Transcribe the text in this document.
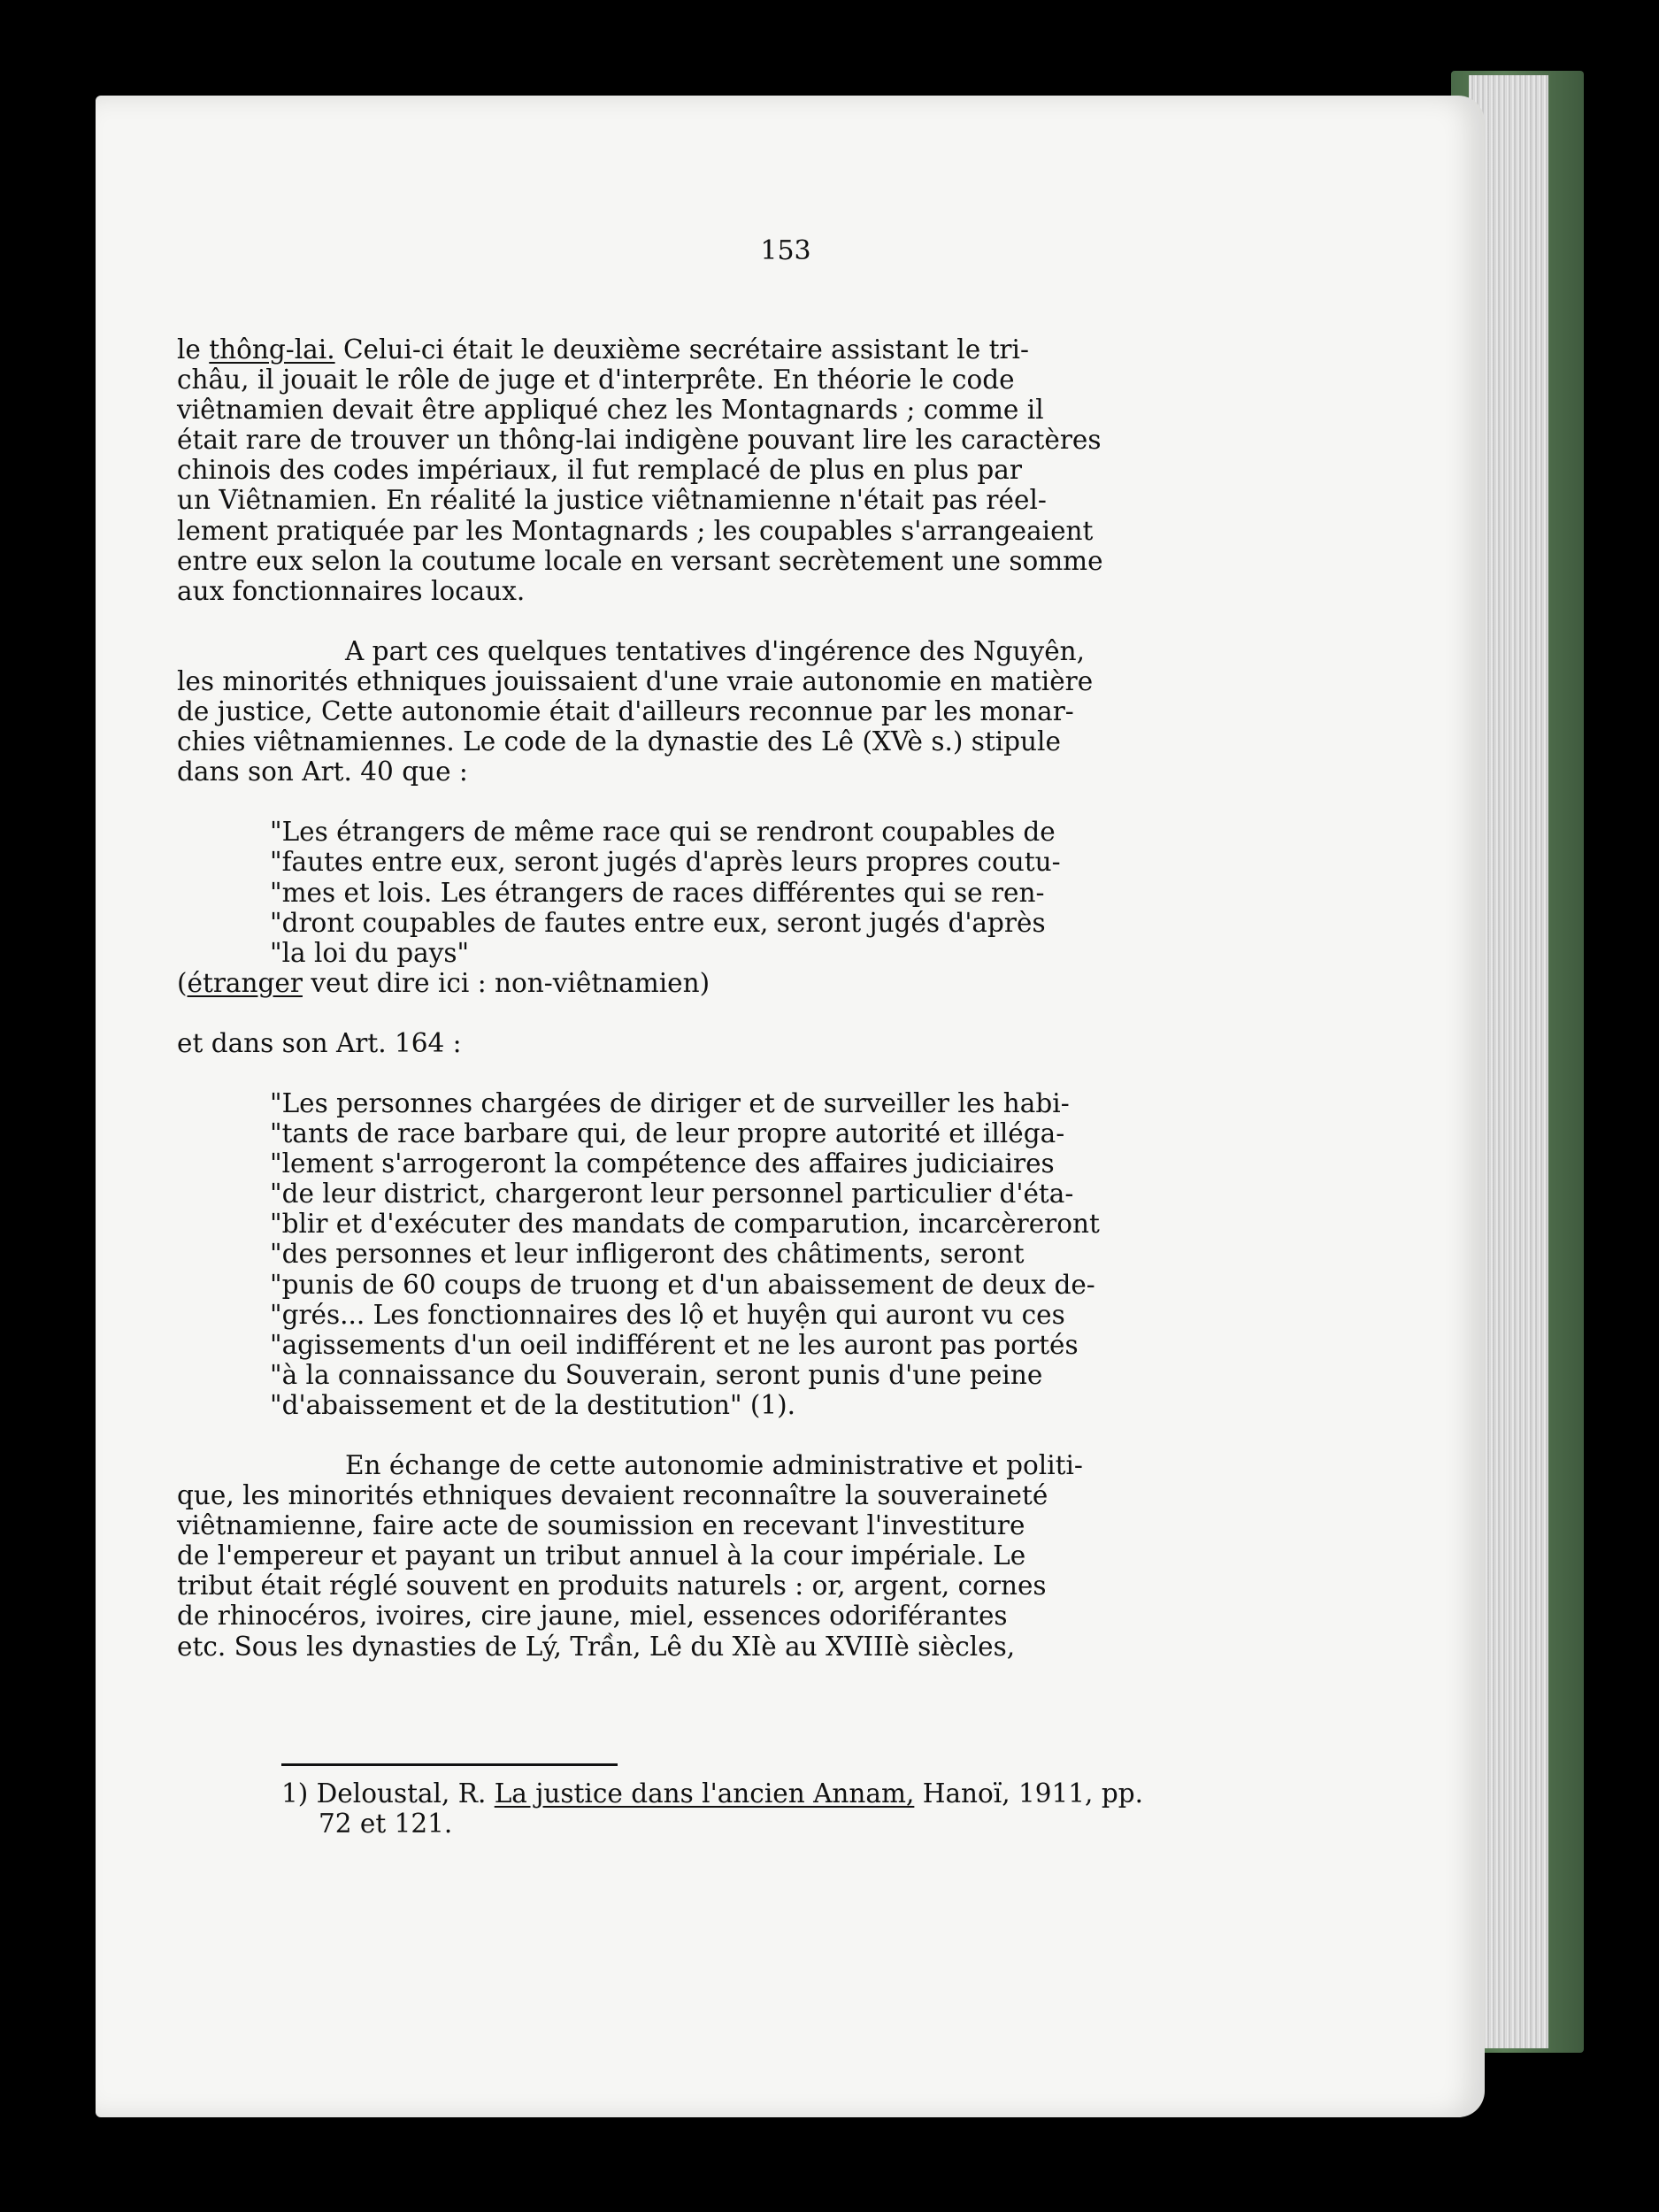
153
le thông-lai. Celui-ci était le deuxième secrétaire assistant le tri-
châu, il jouait le rôle de juge et d'interprête. En théorie le code
viêtnamien devait être appliqué chez les Montagnards ; comme il
était rare de trouver un thông-lai indigène pouvant lire les caractères
chinois des codes impériaux, il fut remplacé de plus en plus par
un Viêtnamien. En réalité la justice viêtnamienne n'était pas réel-
lement pratiquée par les Montagnards ; les coupables s'arrangeaient
entre eux selon la coutume locale en versant secrètement une somme
aux fonctionnaires locaux.
A part ces quelques tentatives d'ingérence des Nguyên,
les minorités ethniques jouissaient d'une vraie autonomie en matière
de justice, Cette autonomie était d'ailleurs reconnue par les monar-
chies viêtnamiennes. Le code de la dynastie des Lê (XVè s.) stipule
dans son Art. 40 que :
"Les étrangers de même race qui se rendront coupables de
"fautes entre eux, seront jugés d'après leurs propres coutu-
"mes et lois. Les étrangers de races différentes qui se ren-
"dront coupables de fautes entre eux, seront jugés d'après
"la loi du pays"
(étranger veut dire ici : non-viêtnamien)
et dans son Art. 164 :
"Les personnes chargées de diriger et de surveiller les habi-
"tants de race barbare qui, de leur propre autorité et illéga-
"lement s'arrogeront la compétence des affaires judiciaires
"de leur district, chargeront leur personnel particulier d'éta-
"blir et d'exécuter des mandats de comparution, incarcèreront
"des personnes et leur infligeront des châtiments, seront
"punis de 60 coups de truong et d'un abaissement de deux de-
"grés... Les fonctionnaires des lộ et huyện qui auront vu ces
"agissements d'un oeil indifférent et ne les auront pas portés
"à la connaissance du Souverain, seront punis d'une peine
"d'abaissement et de la destitution" (1).
En échange de cette autonomie administrative et politi-
que, les minorités ethniques devaient reconnaître la souveraineté
viêtnamienne, faire acte de soumission en recevant l'investiture
de l'empereur et payant un tribut annuel à la cour impériale. Le
tribut était réglé souvent en produits naturels : or, argent, cornes
de rhinocéros, ivoires, cire jaune, miel, essences odoriférantes
etc. Sous les dynasties de Lý, Trần, Lê du XIè au XVIIIè siècles,
1) Deloustal, R. La justice dans l'ancien Annam, Hanoï, 1911, pp.
72 et 121.
